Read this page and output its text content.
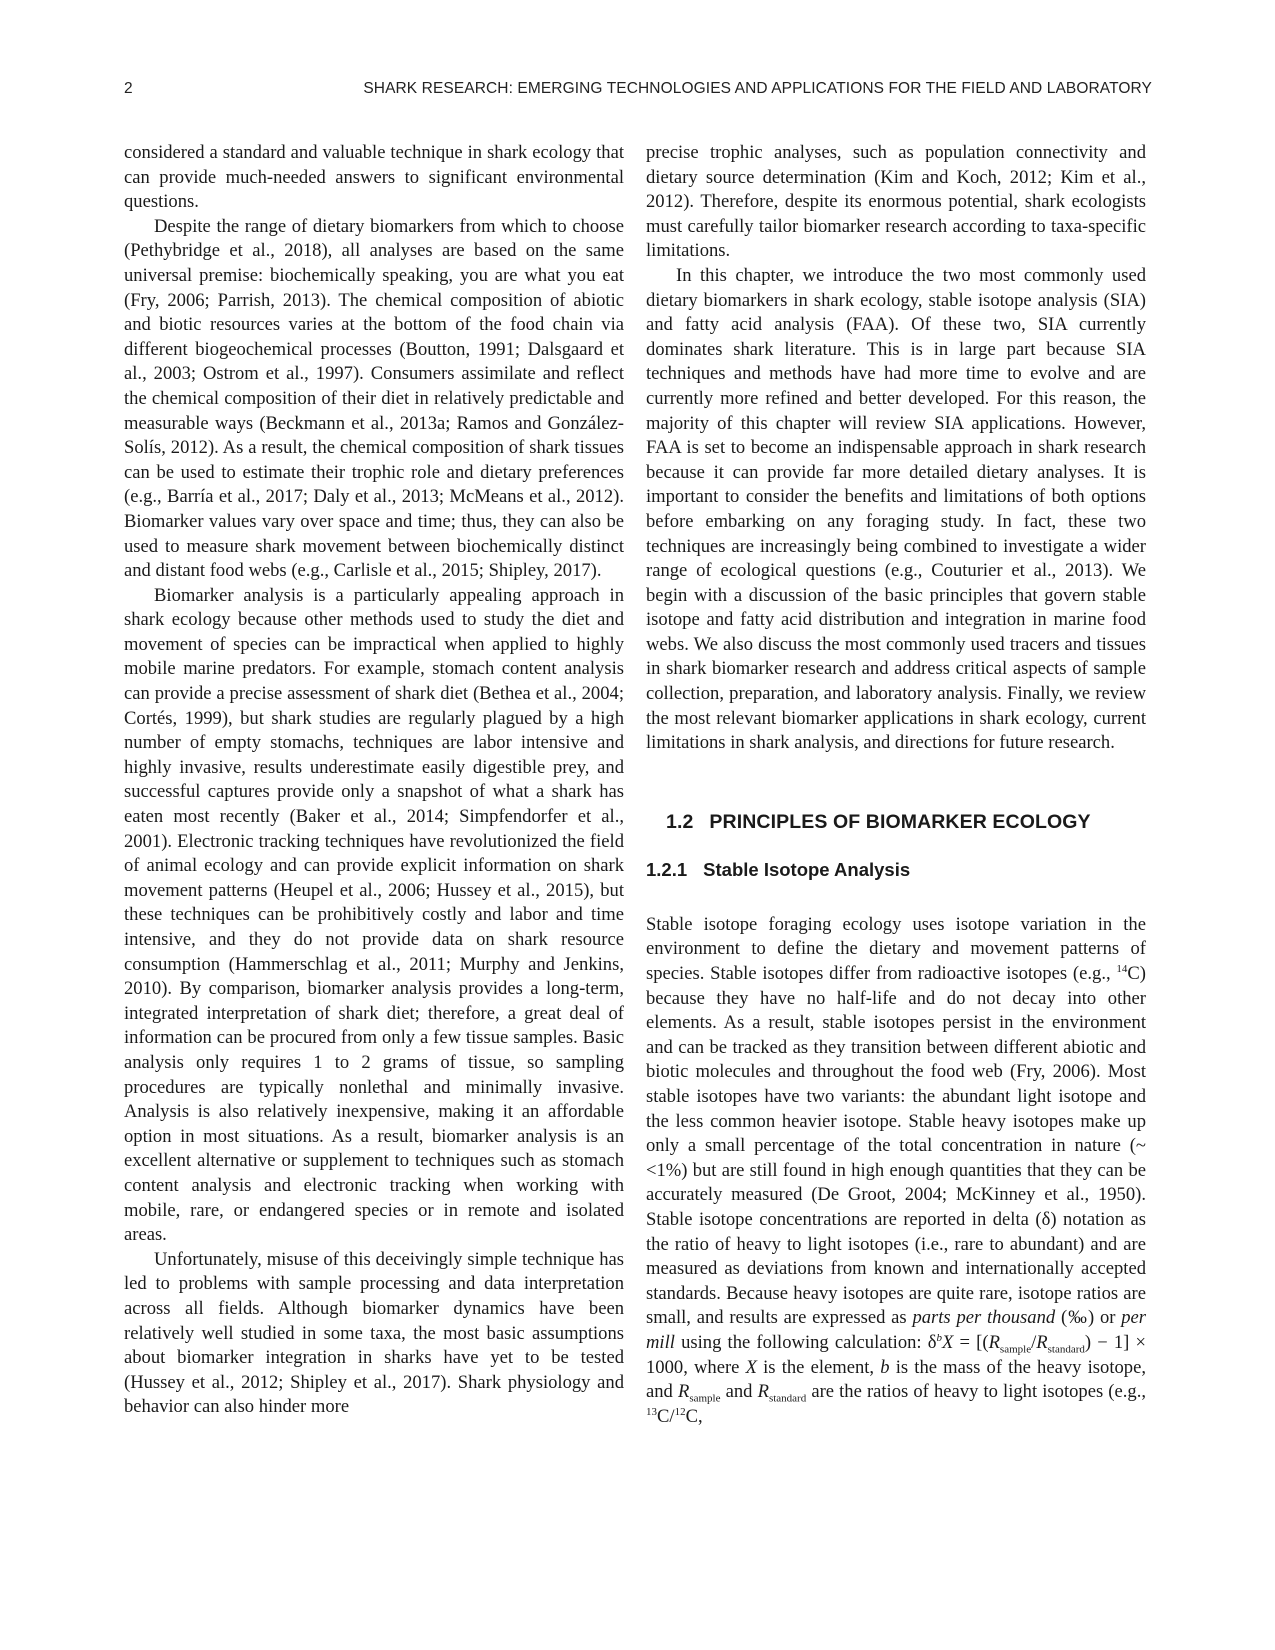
2	SHARK RESEARCH: EMERGING TECHNOLOGIES AND APPLICATIONS FOR THE FIELD AND LABORATORY

considered a standard and valuable technique in shark ecology that can provide much-needed answers to significant environmental questions.

Despite the range of dietary biomarkers from which to choose (Pethybridge et al., 2018), all analyses are based on the same universal premise: biochemically speaking, you are what you eat (Fry, 2006; Parrish, 2013). The chemical composition of abiotic and biotic resources varies at the bottom of the food chain via different biogeochemical processes (Boutton, 1991; Dalsgaard et al., 2003; Ostrom et al., 1997). Consumers assimilate and reflect the chemical composition of their diet in relatively predictable and measurable ways (Beckmann et al., 2013a; Ramos and González-Solís, 2012). As a result, the chemical composition of shark tissues can be used to estimate their trophic role and dietary preferences (e.g., Barría et al., 2017; Daly et al., 2013; McMeans et al., 2012). Biomarker values vary over space and time; thus, they can also be used to measure shark movement between biochemically distinct and distant food webs (e.g., Carlisle et al., 2015; Shipley, 2017).

Biomarker analysis is a particularly appealing approach in shark ecology because other methods used to study the diet and movement of species can be impractical when applied to highly mobile marine predators. For example, stomach content analysis can provide a precise assessment of shark diet (Bethea et al., 2004; Cortés, 1999), but shark studies are regularly plagued by a high number of empty stomachs, techniques are labor intensive and highly invasive, results underestimate easily digestible prey, and successful captures provide only a snapshot of what a shark has eaten most recently (Baker et al., 2014; Simpfendorfer et al., 2001). Electronic tracking techniques have revolutionized the field of animal ecology and can provide explicit information on shark movement patterns (Heupel et al., 2006; Hussey et al., 2015), but these techniques can be prohibitively costly and labor and time intensive, and they do not provide data on shark resource consumption (Hammerschlag et al., 2011; Murphy and Jenkins, 2010). By comparison, biomarker analysis provides a long-term, integrated interpretation of shark diet; therefore, a great deal of information can be procured from only a few tissue samples. Basic analysis only requires 1 to 2 grams of tissue, so sampling procedures are typically nonlethal and minimally invasive. Analysis is also relatively inexpensive, making it an affordable option in most situations. As a result, biomarker analysis is an excellent alternative or supplement to techniques such as stomach content analysis and electronic tracking when working with mobile, rare, or endangered species or in remote and isolated areas.

Unfortunately, misuse of this deceivingly simple technique has led to problems with sample processing and data interpretation across all fields. Although biomarker dynamics have been relatively well studied in some taxa, the most basic assumptions about biomarker integration in sharks have yet to be tested (Hussey et al., 2012; Shipley et al., 2017). Shark physiology and behavior can also hinder more

precise trophic analyses, such as population connectivity and dietary source determination (Kim and Koch, 2012; Kim et al., 2012). Therefore, despite its enormous potential, shark ecologists must carefully tailor biomarker research according to taxa-specific limitations.

In this chapter, we introduce the two most commonly used dietary biomarkers in shark ecology, stable isotope analysis (SIA) and fatty acid analysis (FAA). Of these two, SIA currently dominates shark literature. This is in large part because SIA techniques and methods have had more time to evolve and are currently more refined and better developed. For this reason, the majority of this chapter will review SIA applications. However, FAA is set to become an indispensable approach in shark research because it can provide far more detailed dietary analyses. It is important to consider the benefits and limitations of both options before embarking on any foraging study. In fact, these two techniques are increasingly being combined to investigate a wider range of ecological questions (e.g., Couturier et al., 2013). We begin with a discussion of the basic principles that govern stable isotope and fatty acid distribution and integration in marine food webs. We also discuss the most commonly used tracers and tissues in shark biomarker research and address critical aspects of sample collection, preparation, and laboratory analysis. Finally, we review the most relevant biomarker applications in shark ecology, current limitations in shark analysis, and directions for future research.

1.2 PRINCIPLES OF BIOMARKER ECOLOGY
1.2.1 Stable Isotope Analysis

Stable isotope foraging ecology uses isotope variation in the environment to define the dietary and movement patterns of species. Stable isotopes differ from radioactive isotopes (e.g., $^{14}$C) because they have no half-life and do not decay into other elements. As a result, stable isotopes persist in the environment and can be tracked as they transition between different abiotic and biotic molecules and throughout the food web (Fry, 2006). Most stable isotopes have two variants: the abundant light isotope and the less common heavier isotope. Stable heavy isotopes make up only a small percentage of the total concentration in nature (~ <1%) but are still found in high enough quantities that they can be accurately measured (De Groot, 2004; McKinney et al., 1950). Stable isotope concentrations are reported in delta (δ) notation as the ratio of heavy to light isotopes (i.e., rare to abundant) and are measured as deviations from known and internationally accepted standards. Because heavy isotopes are quite rare, isotope ratios are small, and results are expressed as parts per thousand (‰) or per mill using the following calculation: $\delta^bX = [(R_{sample}/R_{standard}) - 1] \times 1000$, where X is the element, b is the mass of the heavy isotope, and $R_{sample}$ and $R_{standard}$ are the ratios of heavy to light isotopes (e.g., $^{13}$C/$^{12}$C,
